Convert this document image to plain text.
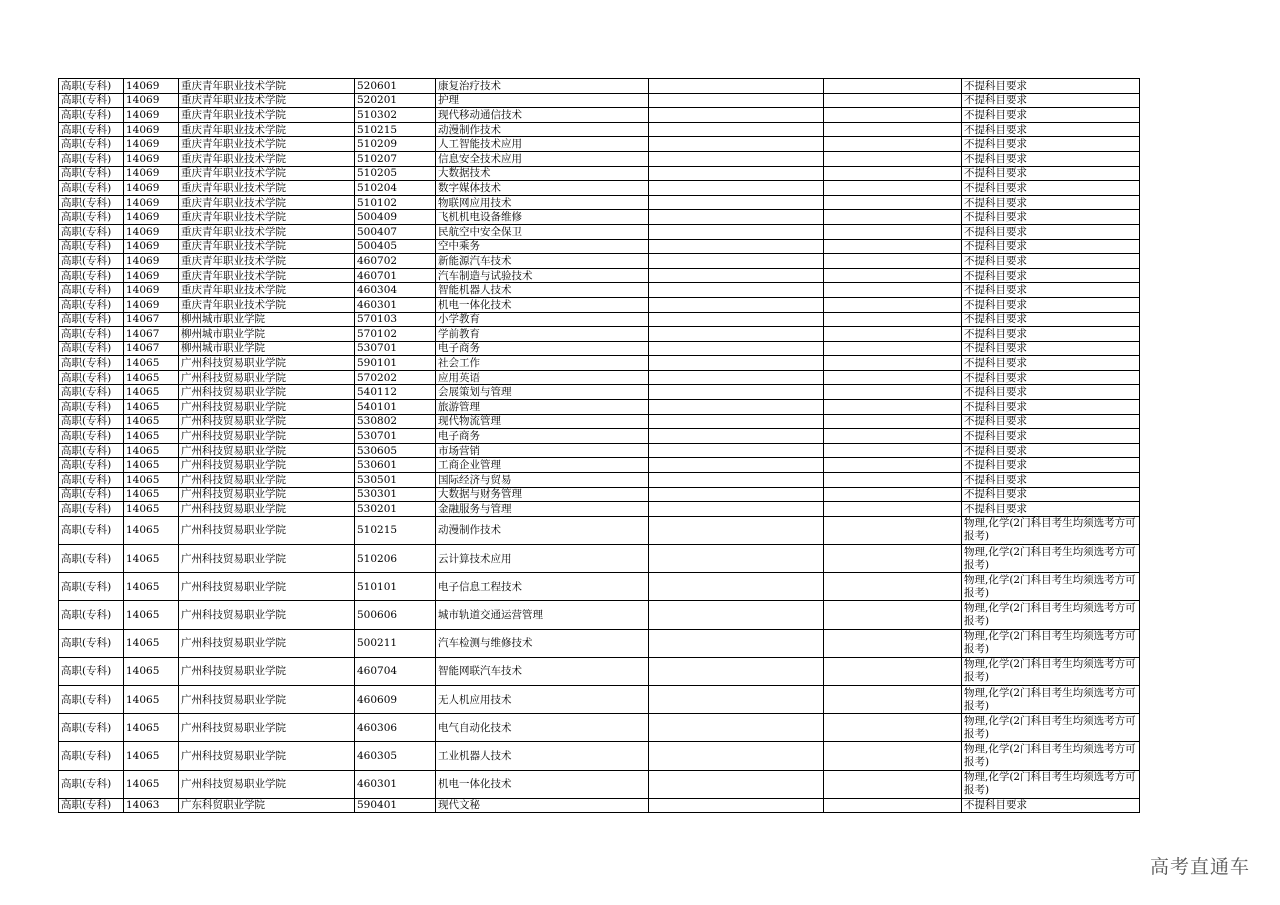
高职(专科)	14069	重庆青年职业技术学院	520601	康复治疗技术			不提科目要求
高职(专科)	14069	重庆青年职业技术学院	520201	护理			不提科目要求
高职(专科)	14069	重庆青年职业技术学院	510302	现代移动通信技术			不提科目要求
高职(专科)	14069	重庆青年职业技术学院	510215	动漫制作技术			不提科目要求
高职(专科)	14069	重庆青年职业技术学院	510209	人工智能技术应用			不提科目要求
高职(专科)	14069	重庆青年职业技术学院	510207	信息安全技术应用			不提科目要求
高职(专科)	14069	重庆青年职业技术学院	510205	大数据技术			不提科目要求
高职(专科)	14069	重庆青年职业技术学院	510204	数字媒体技术			不提科目要求
高职(专科)	14069	重庆青年职业技术学院	510102	物联网应用技术			不提科目要求
高职(专科)	14069	重庆青年职业技术学院	500409	飞机机电设备维修			不提科目要求
高职(专科)	14069	重庆青年职业技术学院	500407	民航空中安全保卫			不提科目要求
高职(专科)	14069	重庆青年职业技术学院	500405	空中乘务			不提科目要求
高职(专科)	14069	重庆青年职业技术学院	460702	新能源汽车技术			不提科目要求
高职(专科)	14069	重庆青年职业技术学院	460701	汽车制造与试验技术			不提科目要求
高职(专科)	14069	重庆青年职业技术学院	460304	智能机器人技术			不提科目要求
高职(专科)	14069	重庆青年职业技术学院	460301	机电一体化技术			不提科目要求
高职(专科)	14067	柳州城市职业学院	570103	小学教育			不提科目要求
高职(专科)	14067	柳州城市职业学院	570102	学前教育			不提科目要求
高职(专科)	14067	柳州城市职业学院	530701	电子商务			不提科目要求
高职(专科)	14065	广州科技贸易职业学院	590101	社会工作			不提科目要求
高职(专科)	14065	广州科技贸易职业学院	570202	应用英语			不提科目要求
高职(专科)	14065	广州科技贸易职业学院	540112	会展策划与管理			不提科目要求
高职(专科)	14065	广州科技贸易职业学院	540101	旅游管理			不提科目要求
高职(专科)	14065	广州科技贸易职业学院	530802	现代物流管理			不提科目要求
高职(专科)	14065	广州科技贸易职业学院	530701	电子商务			不提科目要求
高职(专科)	14065	广州科技贸易职业学院	530605	市场营销			不提科目要求
高职(专科)	14065	广州科技贸易职业学院	530601	工商企业管理			不提科目要求
高职(专科)	14065	广州科技贸易职业学院	530501	国际经济与贸易			不提科目要求
高职(专科)	14065	广州科技贸易职业学院	530301	大数据与财务管理			不提科目要求
高职(专科)	14065	广州科技贸易职业学院	530201	金融服务与管理			不提科目要求
高职(专科)	14065	广州科技贸易职业学院	510215	动漫制作技术			物理,化学(2门科目考生均须选考方可报考)
高职(专科)	14065	广州科技贸易职业学院	510206	云计算技术应用			物理,化学(2门科目考生均须选考方可报考)
高职(专科)	14065	广州科技贸易职业学院	510101	电子信息工程技术			物理,化学(2门科目考生均须选考方可报考)
高职(专科)	14065	广州科技贸易职业学院	500606	城市轨道交通运营管理			物理,化学(2门科目考生均须选考方可报考)
高职(专科)	14065	广州科技贸易职业学院	500211	汽车检测与维修技术			物理,化学(2门科目考生均须选考方可报考)
高职(专科)	14065	广州科技贸易职业学院	460704	智能网联汽车技术			物理,化学(2门科目考生均须选考方可报考)
高职(专科)	14065	广州科技贸易职业学院	460609	无人机应用技术			物理,化学(2门科目考生均须选考方可报考)
高职(专科)	14065	广州科技贸易职业学院	460306	电气自动化技术			物理,化学(2门科目考生均须选考方可报考)
高职(专科)	14065	广州科技贸易职业学院	460305	工业机器人技术			物理,化学(2门科目考生均须选考方可报考)
高职(专科)	14065	广州科技贸易职业学院	460301	机电一体化技术			物理,化学(2门科目考生均须选考方可报考)
高职(专科)	14063	广东科贸职业学院	590401	现代文秘			不提科目要求
高考直通车
